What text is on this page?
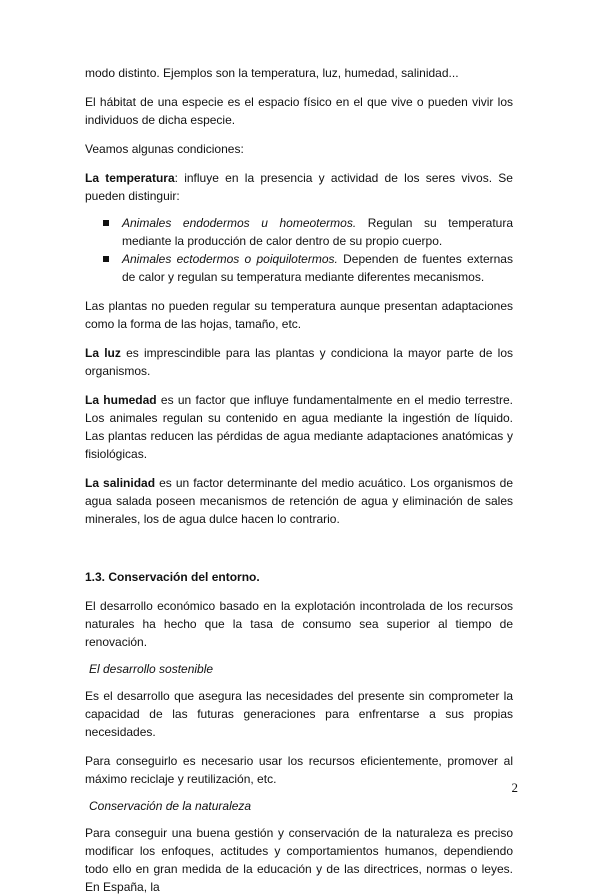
modo distinto. Ejemplos son la temperatura, luz, humedad, salinidad...

El hábitat de una especie es el espacio físico en el que vive o pueden vivir los individuos de dicha especie.

Veamos algunas condiciones:

La temperatura: influye en la presencia y actividad de los seres vivos. Se pueden distinguir:

Animales endodermos u homeotermos. Regulan su temperatura mediante la producción de calor dentro de su propio cuerpo.
Animales ectodermos o poiquilotermos. Dependen de fuentes externas de calor y regulan su temperatura mediante diferentes mecanismos.

Las plantas no pueden regular su temperatura aunque presentan adaptaciones como la forma de las hojas, tamaño, etc.

La luz es imprescindible para las plantas y condiciona la mayor parte de los organismos.

La humedad es un factor que influye fundamentalmente en el medio terrestre. Los animales regulan su contenido en agua mediante la ingestión de líquido. Las plantas reducen las pérdidas de agua mediante adaptaciones anatómicas y fisiológicas.

La salinidad es un factor determinante del medio acuático. Los organismos de agua salada poseen mecanismos de retención de agua y eliminación de sales minerales, los de agua dulce hacen lo contrario.

1.3. Conservación del entorno.

El desarrollo económico basado en la explotación incontrolada de los recursos naturales ha hecho que la tasa de consumo sea superior al tiempo de renovación.

El desarrollo sostenible

Es el desarrollo que asegura las necesidades del presente sin comprometer la capacidad de las futuras generaciones para enfrentarse a sus propias necesidades.

Para conseguirlo es necesario usar los recursos eficientemente, promover al máximo reciclaje y reutilización, etc.

Conservación de la naturaleza

Para conseguir una buena gestión y conservación de la naturaleza es preciso modificar los enfoques, actitudes y comportamientos humanos, dependiendo todo ello en gran medida de la educación y de las directrices, normas o leyes. En España, la

2
